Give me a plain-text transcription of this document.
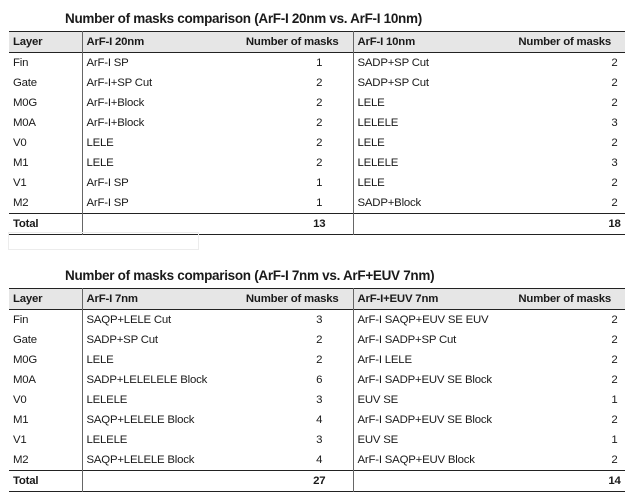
Number of masks comparison (ArF-I 20nm vs. ArF-I 10nm)
Layer	ArF-I 20nm	Number of masks	ArF-I 10nm	Number of masks
Fin	ArF-I SP	1	SADP+SP Cut	2
Gate	ArF-I+SP Cut	2	SADP+SP Cut	2
M0G	ArF-I+Block	2	LELE	2
M0A	ArF-I+Block	2	LELELE	3
V0	LELE	2	LELE	2
M1	LELE	2	LELELE	3
V1	ArF-I SP	1	LELE	2
M2	ArF-I SP	1	SADP+Block	2
Total		13		18
Number of masks comparison (ArF-I 7nm vs. ArF+EUV 7nm)
Layer	ArF-I 7nm	Number of masks	ArF-I+EUV 7nm	Number of masks
Fin	SAQP+LELE Cut	3	ArF-I SAQP+EUV SE EUV	2
Gate	SADP+SP Cut	2	ArF-I SADP+SP Cut	2
M0G	LELE	2	ArF-I LELE	2
M0A	SADP+LELELELE Block	6	ArF-I SADP+EUV SE Block	2
V0	LELELE	3	EUV SE	1
M1	SAQP+LELELE Block	4	ArF-I SADP+EUV SE Block	2
V1	LELELE	3	EUV SE	1
M2	SAQP+LELELE Block	4	ArF-I SAQP+EUV Block	2
Total		27		14
